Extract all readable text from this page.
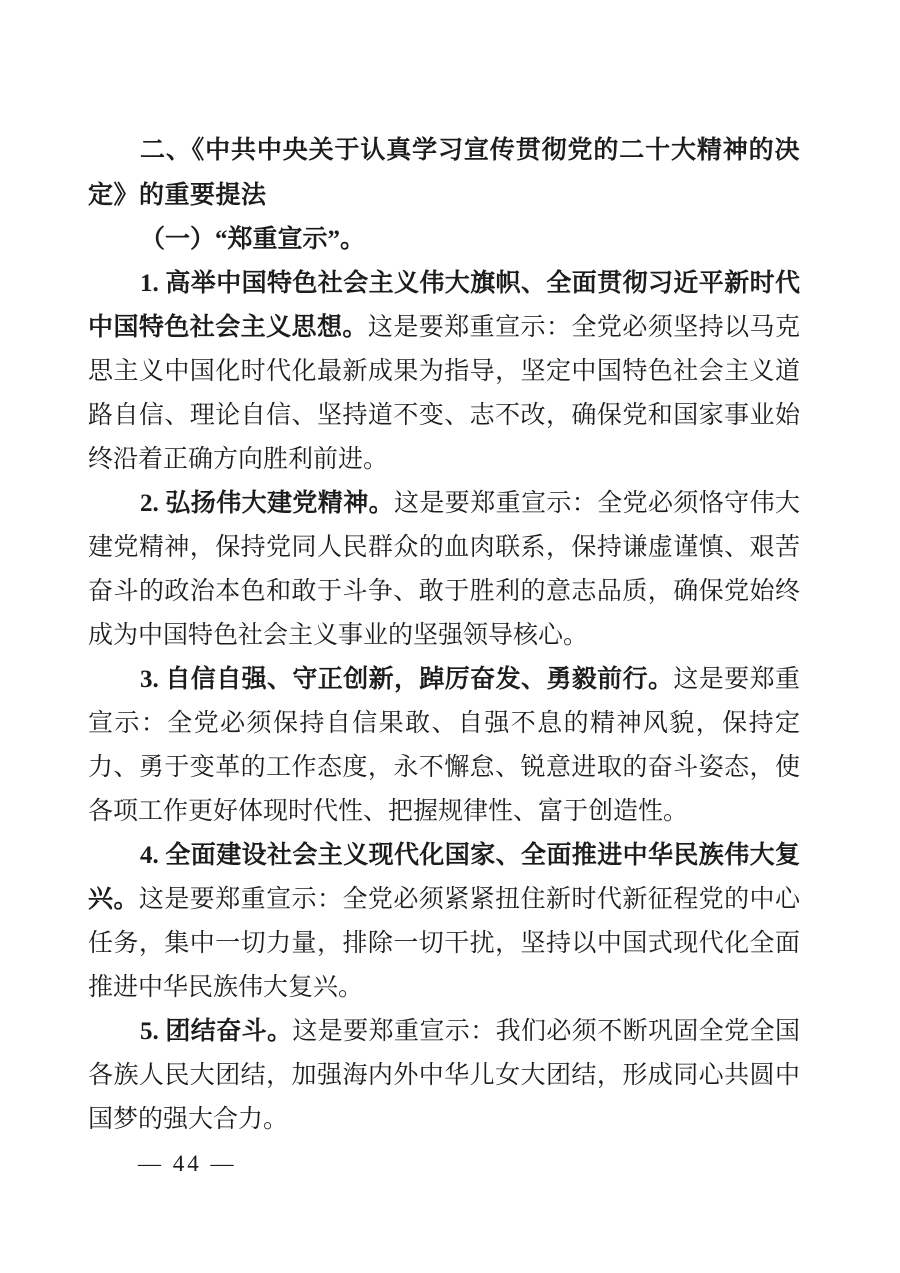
二、《中共中央关于认真学习宣传贯彻党的二十大精神的决定》的重要提法
（一）“郑重宣示”。

1. 高举中国特色社会主义伟大旗帜、全面贯彻习近平新时代中国特色社会主义思想。这是要郑重宣示：全党必须坚持以马克思主义中国化时代化最新成果为指导，坚定中国特色社会主义道路自信、理论自信、坚持道不变、志不改，确保党和国家事业始终沿着正确方向胜利前进。

2. 弘扬伟大建党精神。这是要郑重宣示：全党必须恪守伟大建党精神，保持党同人民群众的血肉联系，保持谦虚谨慎、艰苦奋斗的政治本色和敢于斗争、敢于胜利的意志品质，确保党始终成为中国特色社会主义事业的坚强领导核心。

3. 自信自强、守正创新，踔厉奋发、勇毅前行。这是要郑重宣示：全党必须保持自信果敢、自强不息的精神风貌，保持定力、勇于变革的工作态度，永不懈怠、锐意进取的奋斗姿态，使各项工作更好体现时代性、把握规律性、富于创造性。

4. 全面建设社会主义现代化国家、全面推进中华民族伟大复兴。这是要郑重宣示：全党必须紧紧扭住新时代新征程党的中心任务，集中一切力量，排除一切干扰，坚持以中国式现代化全面推进中华民族伟大复兴。

5. 团结奋斗。这是要郑重宣示：我们必须不断巩固全党全国各族人民大团结，加强海内外中华儿女大团结，形成同心共圆中国梦的强大合力。

— 44 —
